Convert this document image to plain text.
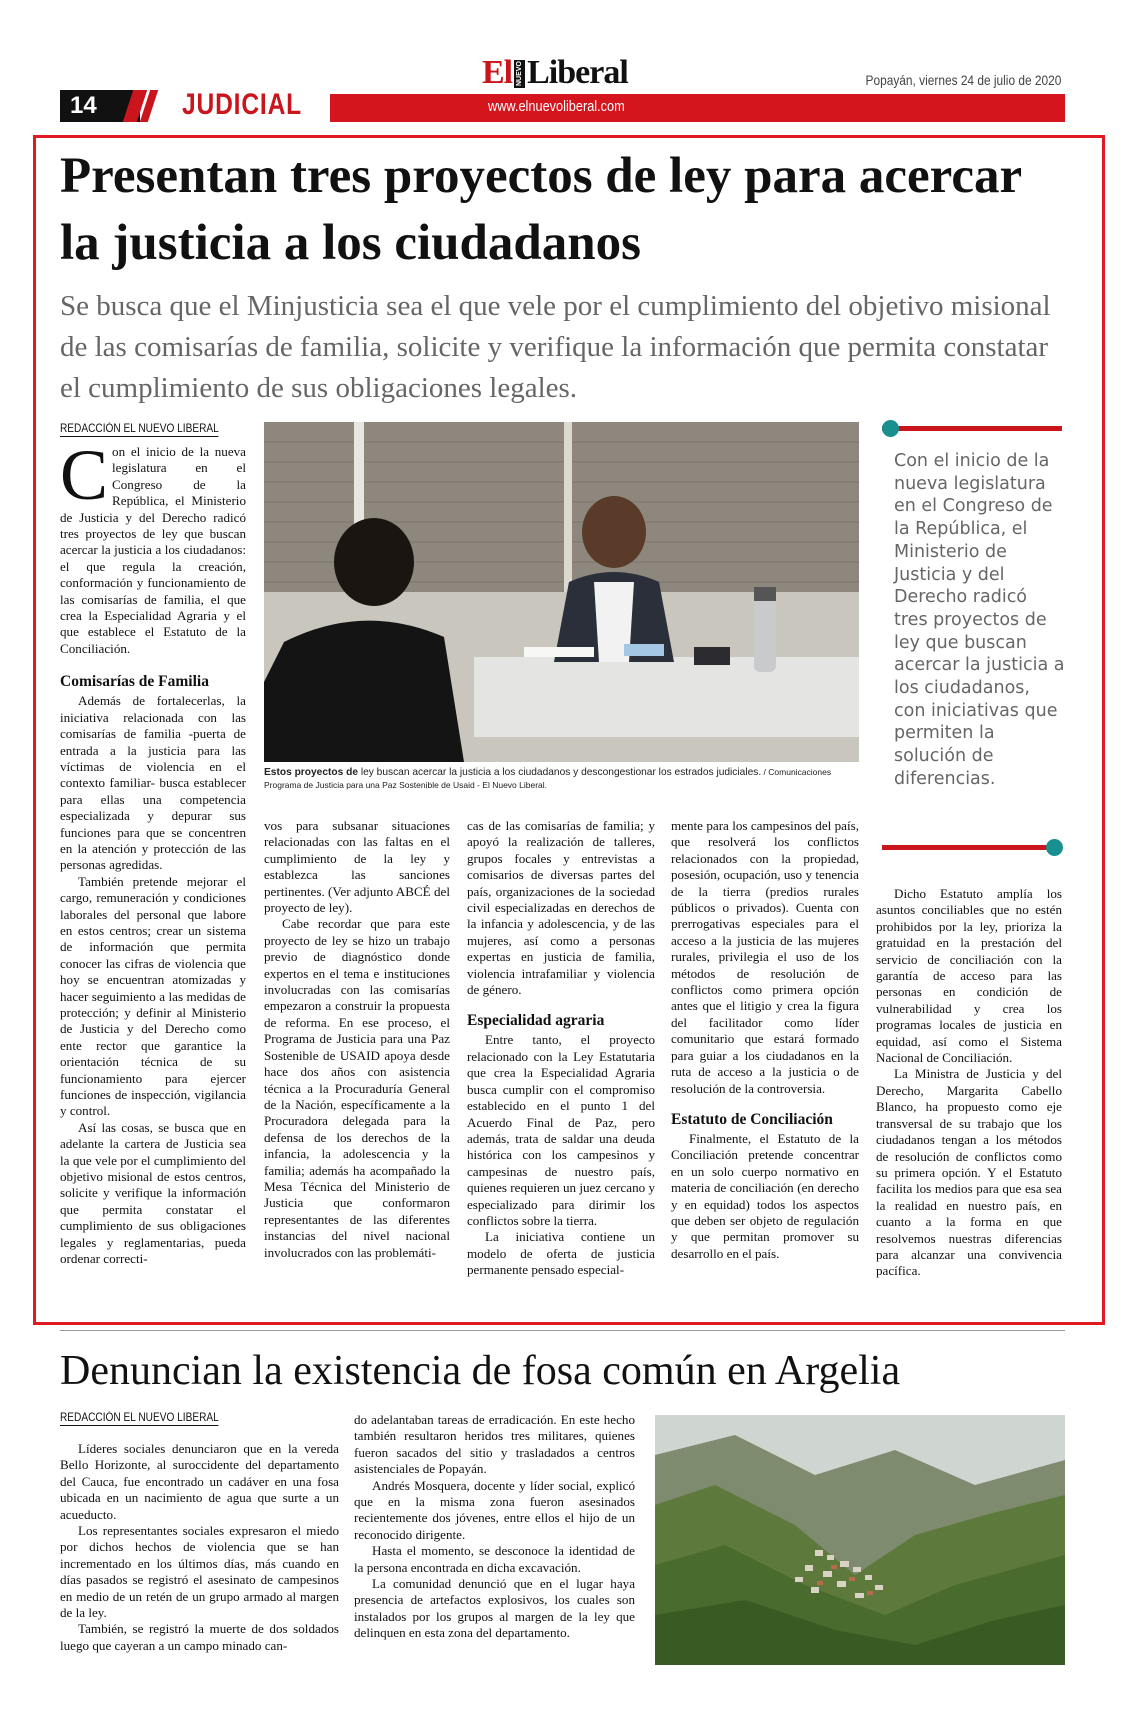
14	JUDICIAL
El NUEVO Liberal
www.elnuevoliberal.com
Popayán, viernes 24 de julio de 2020
Presentan tres proyectos de ley para acercar la justicia a los ciudadanos
Se busca que el Minjusticia sea el que vele por el cumplimiento del objetivo misional de las comisarías de familia, solicite y verifique la información que permita constatar el cumplimiento de sus obligaciones legales.
REDACCIÓN EL NUEVO LIBERAL
C on el inicio de la nueva legislatura en el Congreso de la República, el Ministerio de Justicia y del Derecho radicó tres proyectos de ley que buscan acercar la justicia a los ciudadanos: el que regula la creación, conformación y funcionamiento de las comisarías de familia, el que crea la Especialidad Agraria y el que establece el Estatuto de la Conciliación.

Comisarías de Familia

Además de fortalecerlas, la iniciativa relacionada con las comisarías de familia -puerta de entrada a la justicia para las víctimas de violencia en el contexto familiar- busca establecer para ellas una competencia especializada y depurar sus funciones para que se concentren en la atención y protección de las personas agredidas.

También pretende mejorar el cargo, remuneración y condiciones laborales del personal que labore en estos centros; crear un sistema de información que permita conocer las cifras de violencia que hoy se encuentran atomizadas y hacer seguimiento a las medidas de protección; y definir al Ministerio de Justicia y del Derecho como ente rector que garantice la orientación técnica de su funcionamiento para ejercer funciones de inspección, vigilancia y control.

Así las cosas, se busca que en adelante la cartera de Justicia sea la que vele por el cumplimiento del objetivo misional de estos centros, solicite y verifique la información que permita constatar el cumplimiento de sus obligaciones legales y reglamentarias, pueda ordenar correcti-

Estos proyectos de ley buscan acercar la justicia a los ciudadanos y descongestionar los estrados judiciales. / Comunicaciones Programa de Justicia para una Paz Sostenible de Usaid - El Nuevo Liberal.
Con el inicio de la nueva legislatura en el Congreso de la República, el Ministerio de Justicia y del Derecho radicó tres proyectos de ley que buscan acercar la justicia a los ciudadanos, con iniciativas que permiten la solución de diferencias.

vos para subsanar situaciones relacionadas con las faltas en el cumplimiento de la ley y establezca las sanciones pertinentes. (Ver adjunto ABCÉ del proyecto de ley).

Cabe recordar que para este proyecto de ley se hizo un trabajo previo de diagnóstico donde expertos en el tema e instituciones involucradas con las comisarías empezaron a construir la propuesta de reforma. En ese proceso, el Programa de Justicia para una Paz Sostenible de USAID apoya desde hace dos años con asistencia técnica a la Procuraduría General de la Nación, específicamente a la Procuradora delegada para la defensa de los derechos de la infancia, la adolescencia y la familia; además ha acompañado la Mesa Técnica del Ministerio de Justicia que conformaron representantes de las diferentes instancias del nivel nacional involucrados con las problemáti-

cas de las comisarías de familia; y apoyó la realización de talleres, grupos focales y entrevistas a comisarios de diversas partes del país, organizaciones de la sociedad civil especializadas en derechos de la infancia y adolescencia, y de las mujeres, así como a personas expertas en justicia de familia, violencia intrafamiliar y violencia de género.

Especialidad agraria

Entre tanto, el proyecto relacionado con la Ley Estatutaria que crea la Especialidad Agraria busca cumplir con el compromiso establecido en el punto 1 del Acuerdo Final de Paz, pero además, trata de saldar una deuda histórica con los campesinos y campesinas de nuestro país, quienes requieren un juez cercano y especializado para dirimir los conflictos sobre la tierra.

La iniciativa contiene un modelo de oferta de justicia permanente pensado especial-

mente para los campesinos del país, que resolverá los conflictos relacionados con la propiedad, posesión, ocupación, uso y tenencia de la tierra (predios rurales públicos o privados). Cuenta con prerrogativas especiales para el acceso a la justicia de las mujeres rurales, privilegia el uso de los métodos de resolución de conflictos como primera opción antes que el litigio y crea la figura del facilitador como líder comunitario que estará formado para guiar a los ciudadanos en la ruta de acceso a la justicia o de resolución de la controversia.

Estatuto de Conciliación

Finalmente, el Estatuto de la Conciliación pretende concentrar en un solo cuerpo normativo en materia de conciliación (en derecho y en equidad) todos los aspectos que deben ser objeto de regulación y que permitan promover su desarrollo en el país.

Dicho Estatuto amplía los asuntos conciliables que no estén prohibidos por la ley, prioriza la gratuidad en la prestación del servicio de conciliación con la garantía de acceso para las personas en condición de vulnerabilidad y crea los programas locales de justicia en equidad, así como el Sistema Nacional de Conciliación.

La Ministra de Justicia y del Derecho, Margarita Cabello Blanco, ha propuesto como eje transversal de su trabajo que los ciudadanos tengan a los métodos de resolución de conflictos como su primera opción. Y el Estatuto facilita los medios para que esa sea la realidad en nuestro país, en cuanto a la forma en que resolvemos nuestras diferencias para alcanzar una convivencia pacífica.

Denuncian la existencia de fosa común en Argelia
REDACCIÓN EL NUEVO LIBERAL

Líderes sociales denunciaron que en la vereda Bello Horizonte, al suroccidente del departamento del Cauca, fue encontrado un cadáver en una fosa ubicada en un nacimiento de agua que surte a un acueducto.

Los representantes sociales expresaron el miedo por dichos hechos de violencia que se han incrementado en los últimos días, más cuando en días pasados se registró el asesinato de campesinos en medio de un retén de un grupo armado al margen de la ley.

También, se registró la muerte de dos soldados luego que cayeran a un campo minado can-

do adelantaban tareas de erradicación. En este hecho también resultaron heridos tres militares, quienes fueron sacados del sitio y trasladados a centros asistenciales de Popayán.

Andrés Mosquera, docente y líder social, explicó que en la misma zona fueron asesinados recientemente dos jóvenes, entre ellos el hijo de un reconocido dirigente.

Hasta el momento, se desconoce la identidad de la persona encontrada en dicha excavación.

La comunidad denunció que en el lugar haya presencia de artefactos explosivos, los cuales son instalados por los grupos al margen de la ley que delinquen en esta zona del departamento.
